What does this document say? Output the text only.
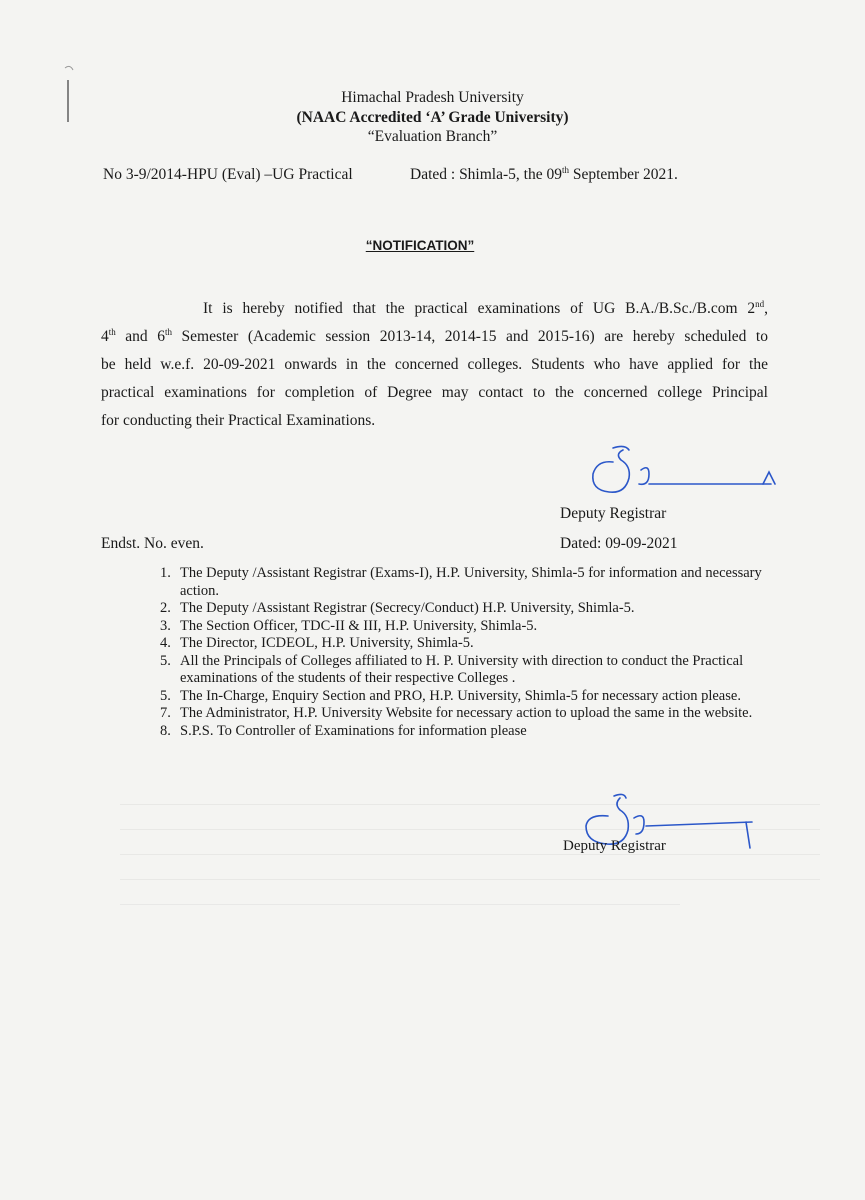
Himachal Pradesh University
(NAAC Accredited ‘A’ Grade University)
“Evaluation Branch”
No 3-9/2014-HPU (Eval) –UG Practical	Dated : Shimla-5, the 09th September 2021.
“NOTIFICATION”
It is hereby notified that the practical examinations of UG B.A./B.Sc./B.com 2nd,
4th and 6th Semester (Academic session 2013-14, 2014-15 and 2015-16) are hereby scheduled to
be held w.e.f. 20-09-2021 onwards in the concerned colleges. Students who have applied for the
practical examinations for completion of Degree may contact to the concerned college Principal
for conducting their Practical Examinations.
Deputy Registrar
Endst. No. even.	Dated: 09-09-2021
1. The Deputy /Assistant Registrar (Exams-I), H.P. University, Shimla-5 for information and necessary action.
2. The Deputy /Assistant Registrar (Secrecy/Conduct) H.P. University, Shimla-5.
3. The Section Officer, TDC-II & III, H.P. University, Shimla-5.
4. The Director, ICDEOL, H.P. University, Shimla-5.
5. All the Principals of Colleges affiliated to H. P. University with direction to conduct the Practical examinations of the students of their respective Colleges .
5. The In-Charge, Enquiry Section and PRO, H.P. University, Shimla-5 for necessary action please.
7. The Administrator, H.P. University Website for necessary action to upload the same in the website.
8. S.P.S. To Controller of Examinations for information please
Deputy Registrar
